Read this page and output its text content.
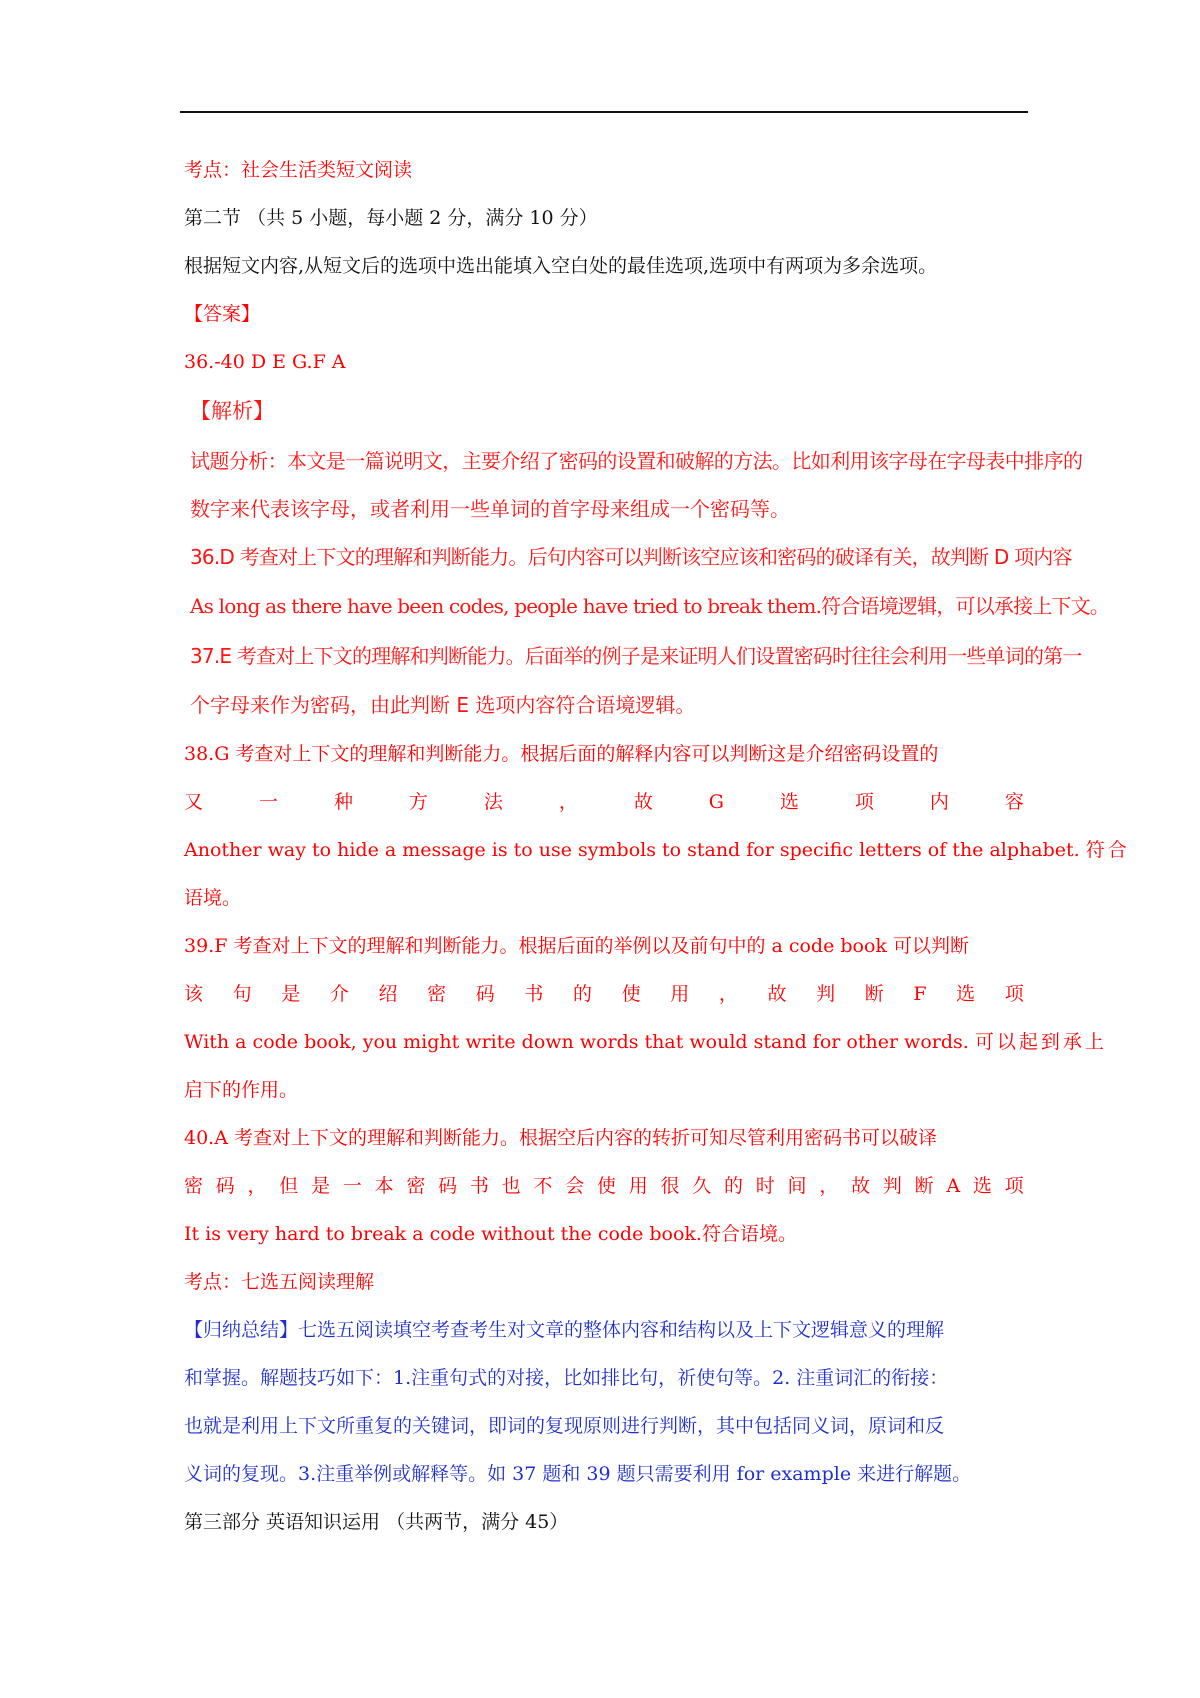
考点：社会生活类短文阅读
第二节 （共 5 小题，每小题 2 分，满分 10 分）
根据短文内容,从短文后的选项中选出能填入空白处的最佳选项,选项中有两项为多余选项。
【答案】
36.-40 D E G.F A
【解析】
试题分析：本文是一篇说明文，主要介绍了密码的设置和破解的方法。比如利用该字母在字母表中排序的
数字来代表该字母，或者利用一些单词的首字母来组成一个密码等。
36.D 考查对上下文的理解和判断能力。后句内容可以判断该空应该和密码的破译有关，故判断 D 项内容
As long as there have been codes, people have tried to break them.符合语境逻辑，可以承接上下文。
37.E 考查对上下文的理解和判断能力。后面举的例子是来证明人们设置密码时往往会利用一些单词的第一
个字母来作为密码，由此判断 E 选项内容符合语境逻辑。
38.G 考查对上下文的理解和判断能力。根据后面的解释内容可以判断这是介绍密码设置的
又	一	种	方	法	，	故	G	选	项	内	容
Another way to hide a message is to use symbols to stand for specific letters of the alphabet. 符合
语境。
39.F 考查对上下文的理解和判断能力。根据后面的举例以及前句中的 a code book 可以判断
该 句 是 介 绍 密 码 书 的 使 用 ， 故 判 断 F 选 项
With a code book, you might write down words that would stand for other words. 可以起到承上
启下的作用。
40.A 考查对上下文的理解和判断能力。根据空后内容的转折可知尽管利用密码书可以破译
密 码 ， 但 是 一 本 密 码 书 也 不 会 使 用 很 久 的 时 间 ， 故 判 断 A 选 项
It is very hard to break a code without the code book.符合语境。
考点：七选五阅读理解
【归纳总结】七选五阅读填空考查考生对文章的整体内容和结构以及上下文逻辑意义的理解
和掌握。解题技巧如下：1.注重句式的对接，比如排比句，祈使句等。2. 注重词汇的衔接：
也就是利用上下文所重复的关键词，即词的复现原则进行判断，其中包括同义词，原词和反
义词的复现。3.注重举例或解释等。如 37 题和 39 题只需要利用 for example 来进行解题。
第三部分 英语知识运用 （共两节，满分 45）
